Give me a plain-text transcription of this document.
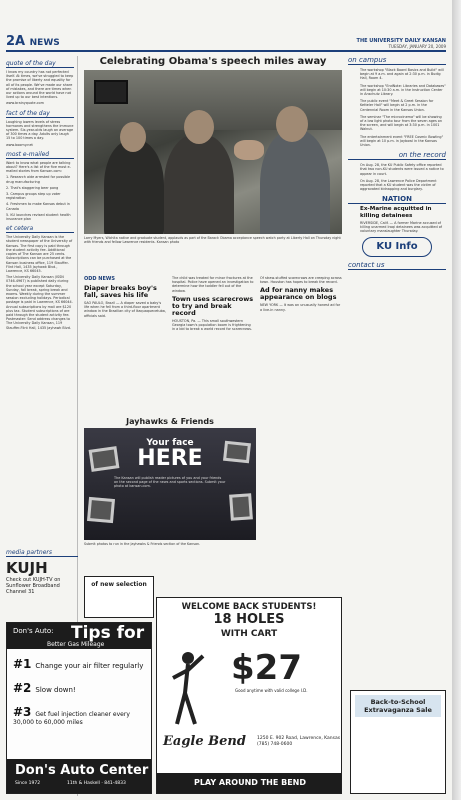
2A NEWS	THE UNIVERSITY DAILY KANSAN
TUESDAY, JANUARY 20, 2009
quote of the day

I know my country has not perfected itself. At times, we've struggled to keep the promise of liberty and equality for all of its people. We've made our share of mistakes, and there are times when our actions around the world have not lived up to our best intentions.

www.brainyquote.com

fact of the day

Laughing lowers levels of stress hormones and strengthens the immune system. Six-year-olds laugh an average of 300 times a day. Adults only laugh 15 to 100 times a day.

www.boomy.net

most e-mailed

Want to know what people are talking about? Here's a list of the five most e-mailed stories from Kansan.com:

1. Research aide arrested for possible drug manufacturing

2. That's staggering beer pong

3. Campus groups step up voter registration

4. Freshmen to make Kansas debut in Canada

5. KU launches revised student health insurance plan

et cetera

The University Daily Kansan is the student newspaper of the University of Kansas. The first copy is paid through the student activity fee. Additional copies of The Kansan are 25 cents. Subscriptions can be purchased at the Kansan business office, 119 Stauffer-Flint Hall, 1435 Jayhawk Blvd., Lawrence, KS 66045.

The University Daily Kansan (ISSN 0746-4967) is published daily during the school year except Saturday, Sunday, fall break, spring break and exams. Weekly during the summer session excluding holidays. Periodical postage is paid in Lawrence, KS 66044. Annual subscriptions by mail are $120 plus tax. Student subscriptions of are paid through the student activity fee. Postmaster: Send address changes to The University Daily Kansan, 119 Stauffer-Flint Hall, 1435 Jayhawk Blvd.

media partners
KUJH
Check out KUJH-TV on Sunflower Broadband Channel 31
Celebrating Obama's speech miles away
Larry Myers, Wichita native and graduate student, applauds as part of the Barack Obama acceptance speech watch party at Liberty Hall on Thursday night with friends and fellow Lawrence residents. Kansan photo
ODD NEWS
Diaper breaks boy's fall, saves his life
SAO PAULO, Brazil — A diaper saved a baby's life when he fell from a third-floor apartment window in the Brazilian city of Itaquaquecetuba, officials said.
The child was treated for minor fractures at the hospital. Police have opened an investigation to determine how the toddler fell out of the window.
Town uses scarecrows to try and break record
HOUSTON, Pa. — This small southwestern Georgia town's population boom is frightening in a bid to break a world record for scarecrows.
Of straw-stuffed scarecrows are creeping across town. Houston has hopes to break the record.
Ad for nanny makes appearance on blogs
NEW YORK — It was an unusually honest ad for a live-in nanny.
Jayhawks & Friends
Your face
HERE
The Kansan will publish reader pictures of you and your friends on the second page of the news and sports sections. Submit your photo at kansan.com.
Submit photos to run in the Jayhawks & Friends section of the Kansan.
on campus

The workshop "Black Board Basics and Build" will begin at 9 a.m. and again at 2:30 p.m. in Budig Hall, Room 4.

The workshop "EndNote: Libraries and Databases" will begin at 10:30 a.m. in the Instruction Center in Anschutz Library.

The public event "Meet & Greet Session for Ketteler Hall" will begin at 2 p.m. in the Centennial Room in the Kansas Union.

The seminar "The microcinema" will be showing of a low light photo tour from the seven ages on the screen, and will begin at 3:30 p.m. in 1001 Walnut.

The entertainment event "FREE Cosmic Bowling" will begin at 10 p.m. in Jaybowl in the Kansas Union.

on the record

On Aug. 28, the KU Public Safety office reported that two non-KU students were issued a notice to appear in court.

On Aug. 28, the Lawrence Police Department reported that a KU student was the victim of aggravated kidnapping and burglary.

NATION
Ex-Marine acquitted in killing detainees
RIVERSIDE, Calif. — A former Marine accused of killing unarmed Iraqi detainees was acquitted of voluntary manslaughter Thursday.
KU Info
contact us
of new selection
Don's Auto: Tips for
Better Gas Mileage
#1 Change your air filter regularly
#2 Slow down!
#3 Get fuel injection cleaner every 30,000 to 60,000 miles
Don's Auto Center
Since 1972	11th & Haskell · 841-4833
WELCOME BACK STUDENTS!
18 HOLES
WITH CART
$27
Good anytime with valid college I.D.
Eagle Bend 1250 E. 902 Road, Lawrence, Kansas (785) 748-0600
PLAY AROUND THE BEND
Back-to-School Extravaganza Sale
